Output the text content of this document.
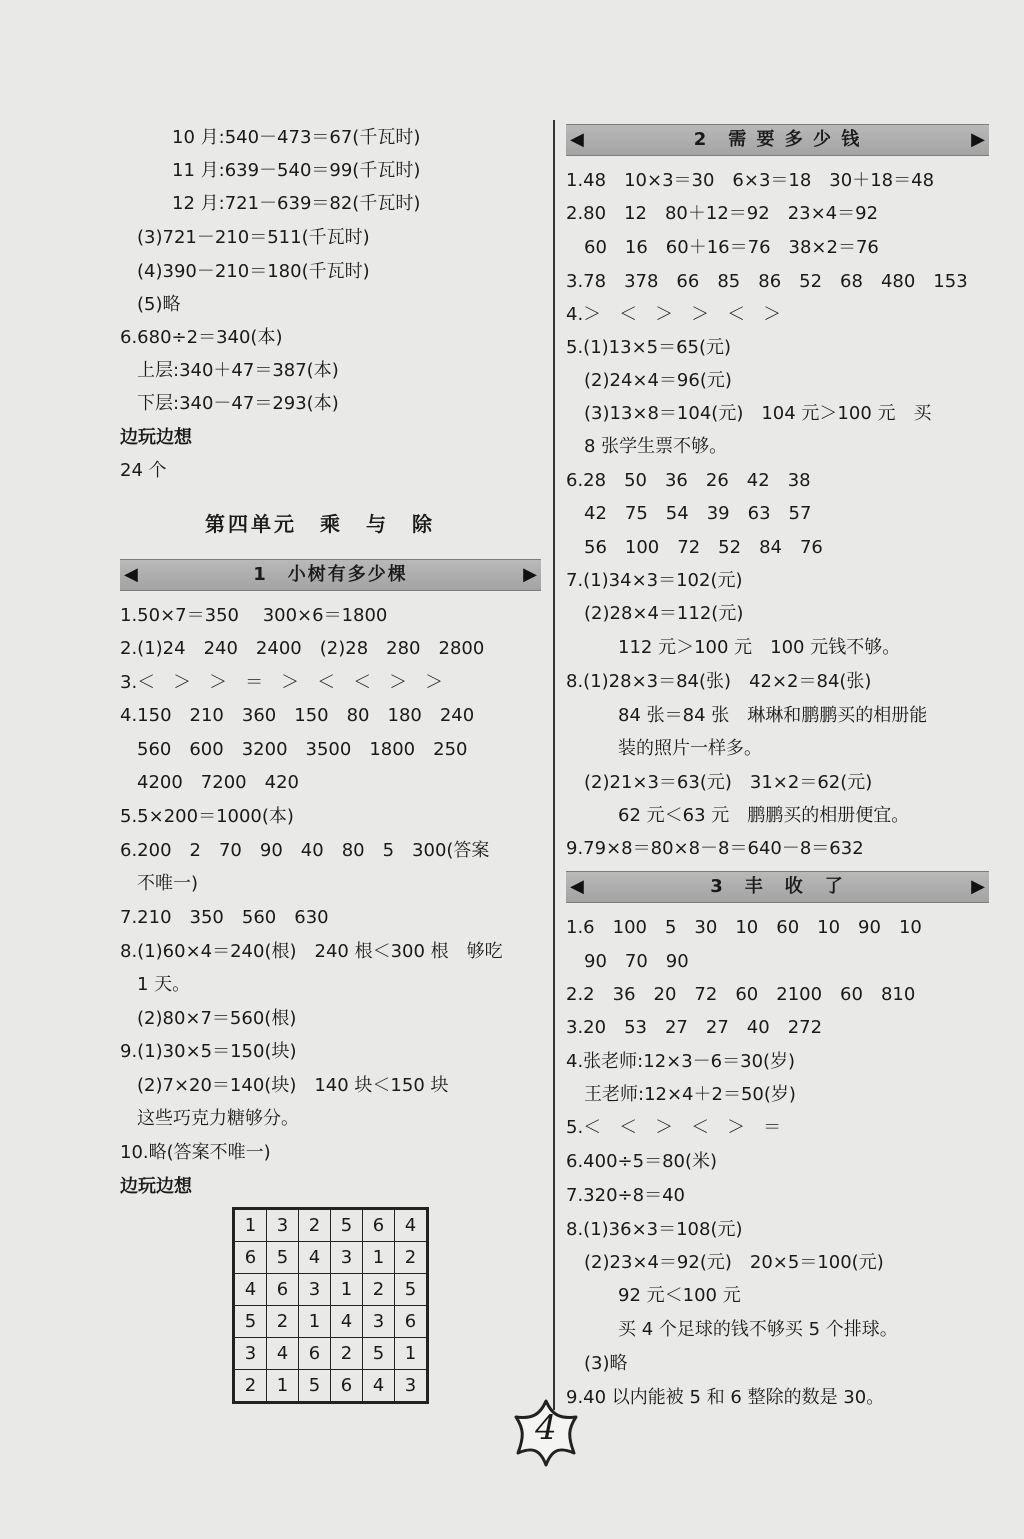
10 月:540－473＝67(千瓦时)
11 月:639－540＝99(千瓦时)
12 月:721－639＝82(千瓦时)
(3)721－210＝511(千瓦时)
(4)390－210＝180(千瓦时)
(5)略
6.680÷2＝340(本)
上层:340＋47＝387(本)
下层:340－47＝293(本)
边玩边想
24 个
第四单元　乘　与　除
◀	1　小树有多少棵	▶
1.50×7＝350　 300×6＝1800
2.(1)24　240　2400　(2)28　280　2800
3.＜　＞　＞　＝　＞　＜　＜　＞　＞
4.150　210　360　150　80　180　240
560　600　3200　3500　1800　250
4200　7200　420
5.5×200＝1000(本)
6.200　2　70　90　40　80　5　300(答案
不唯一)
7.210　350　560　630
8.(1)60×4＝240(根)　240 根＜300 根　够吃
1 天。
(2)80×7＝560(根)
9.(1)30×5＝150(块)
(2)7×20＝140(块)　140 块＜150 块
这些巧克力糖够分。
10.略(答案不唯一)
边玩边想
1	3	2	5	6	4
6	5	4	3	1	2
4	6	3	1	2	5
5	2	1	4	3	6
3	4	6	2	5	1
2	1	5	6	4	3
◀	2　需 要 多 少 钱	▶
1.48　10×3＝30　6×3＝18　30＋18＝48
2.80　12　80＋12＝92　23×4＝92
60　16　60＋16＝76　38×2＝76
3.78　378　66　85　86　52　68　480　153
4.＞　＜　＞　＞　＜　＞
5.(1)13×5＝65(元)
(2)24×4＝96(元)
(3)13×8＝104(元)　104 元＞100 元　买
8 张学生票不够。
6.28　50　36　26　42　38
42　75　54　39　63　57
56　100　72　52　84　76
7.(1)34×3＝102(元)
(2)28×4＝112(元)
112 元＞100 元　100 元钱不够。
8.(1)28×3＝84(张)　42×2＝84(张)
84 张＝84 张　琳琳和鹏鹏买的相册能
装的照片一样多。
(2)21×3＝63(元)　31×2＝62(元)
62 元＜63 元　鹏鹏买的相册便宜。
9.79×8＝80×8－8＝640－8＝632
◀	3　丰　收　了	▶
1.6　100　5　30　10　60　10　90　10
90　70　90
2.2　36　20　72　60　2100　60　810
3.20　53　27　27　40　272
4.张老师:12×3－6＝30(岁)
王老师:12×4＋2＝50(岁)
5.＜　＜　＞　＜　＞　＝
6.400÷5＝80(米)
7.320÷8＝40
8.(1)36×3＝108(元)
(2)23×4＝92(元)　20×5＝100(元)
92 元＜100 元
买 4 个足球的钱不够买 5 个排球。
(3)略
9.40 以内能被 5 和 6 整除的数是 30。
4
